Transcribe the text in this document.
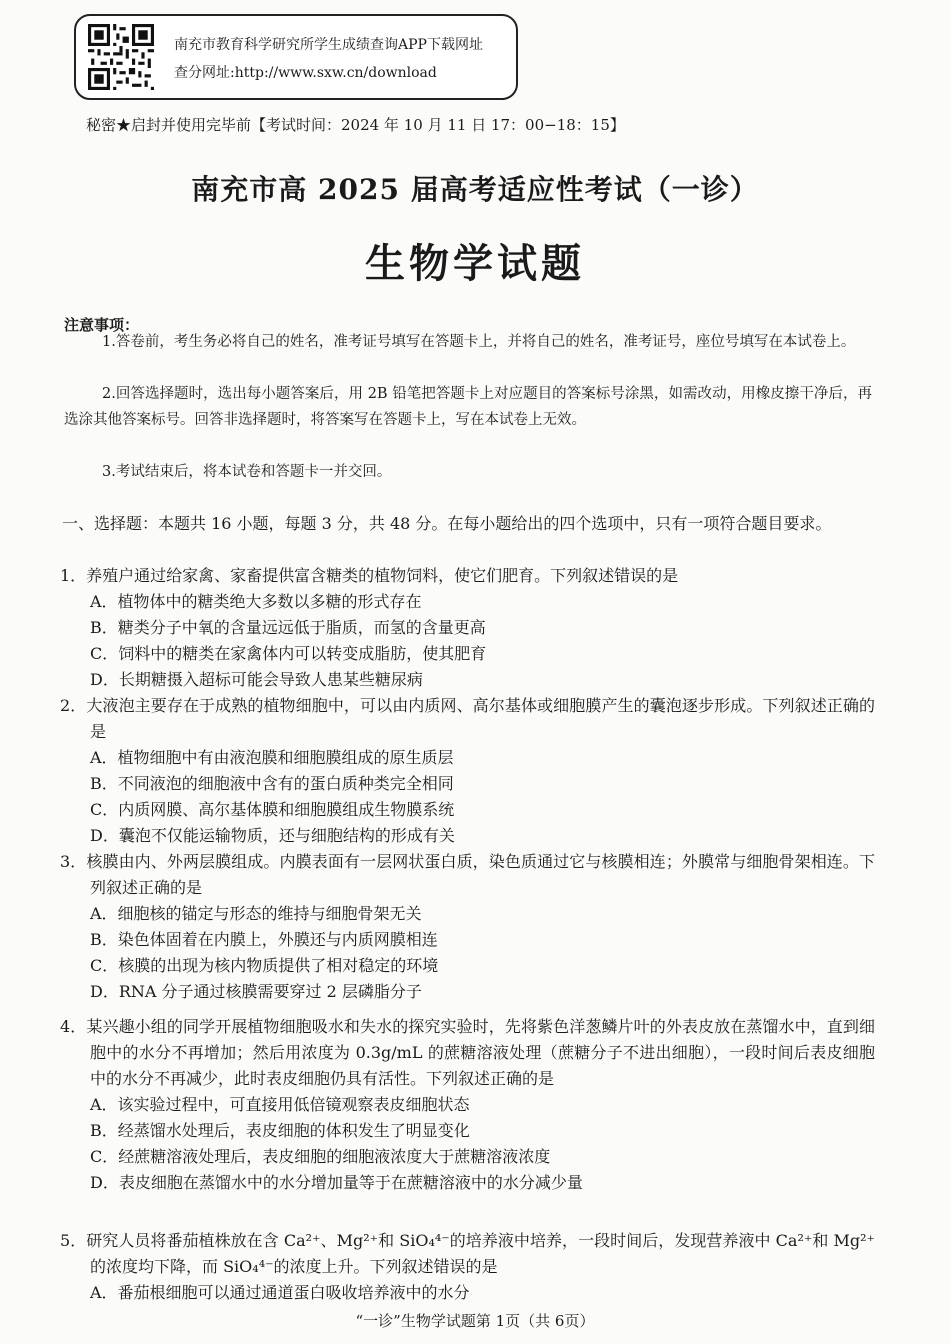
南充市教育科学研究所学生成绩查询APP下载网址
查分网址:http://www.sxw.cn/download
秘密★启封并使用完毕前【考试时间：2024 年 10 月 11 日 17：00−18：15】
南充市高 2025 届高考适应性考试（一诊）
生物学试题
注意事项：
1.答卷前，考生务必将自己的姓名，准考证号填写在答题卡上，并将自己的姓名，准考证号，座位号填写在本试卷上。
2.回答选择题时，选出每小题答案后，用 2B 铅笔把答题卡上对应题目的答案标号涂黑，如需改动，用橡皮擦干净后，再选涂其他答案标号。回答非选择题时，将答案写在答题卡上，写在本试卷上无效。
3.考试结束后，将本试卷和答题卡一并交回。
一、选择题：本题共 16 小题，每题 3 分，共 48 分。在每小题给出的四个选项中，只有一项符合题目要求。
1．养殖户通过给家禽、家畜提供富含糖类的植物饲料，使它们肥育。下列叙述错误的是
A．植物体中的糖类绝大多数以多糖的形式存在
B．糖类分子中氧的含量远远低于脂质，而氢的含量更高
C．饲料中的糖类在家禽体内可以转变成脂肪，使其肥育
D．长期糖摄入超标可能会导致人患某些糖尿病
2．大液泡主要存在于成熟的植物细胞中，可以由内质网、高尔基体或细胞膜产生的囊泡逐步形成。下列叙述正确的是
A．植物细胞中有由液泡膜和细胞膜组成的原生质层
B．不同液泡的细胞液中含有的蛋白质种类完全相同
C．内质网膜、高尔基体膜和细胞膜组成生物膜系统
D．囊泡不仅能运输物质，还与细胞结构的形成有关
3．核膜由内、外两层膜组成。内膜表面有一层网状蛋白质，染色质通过它与核膜相连；外膜常与细胞骨架相连。下列叙述正确的是
A．细胞核的锚定与形态的维持与细胞骨架无关
B．染色体固着在内膜上，外膜还与内质网膜相连
C．核膜的出现为核内物质提供了相对稳定的环境
D．RNA 分子通过核膜需要穿过 2 层磷脂分子
4．某兴趣小组的同学开展植物细胞吸水和失水的探究实验时，先将紫色洋葱鳞片叶的外表皮放在蒸馏水中，直到细胞中的水分不再增加；然后用浓度为 0.3g/mL 的蔗糖溶液处理（蔗糖分子不进出细胞），一段时间后表皮细胞中的水分不再减少，此时表皮细胞仍具有活性。下列叙述正确的是
A．该实验过程中，可直接用低倍镜观察表皮细胞状态
B．经蒸馏水处理后，表皮细胞的体积发生了明显变化
C．经蔗糖溶液处理后，表皮细胞的细胞液浓度大于蔗糖溶液浓度
D．表皮细胞在蒸馏水中的水分增加量等于在蔗糖溶液中的水分减少量
5．研究人员将番茄植株放在含 Ca²⁺、Mg²⁺和 SiO₄⁴⁻的培养液中培养，一段时间后，发现营养液中 Ca²⁺和 Mg²⁺的浓度均下降，而 SiO₄⁴⁻的浓度上升。下列叙述错误的是
A．番茄根细胞可以通过通道蛋白吸收培养液中的水分
“一诊”生物学试题第 1页（共 6页）
